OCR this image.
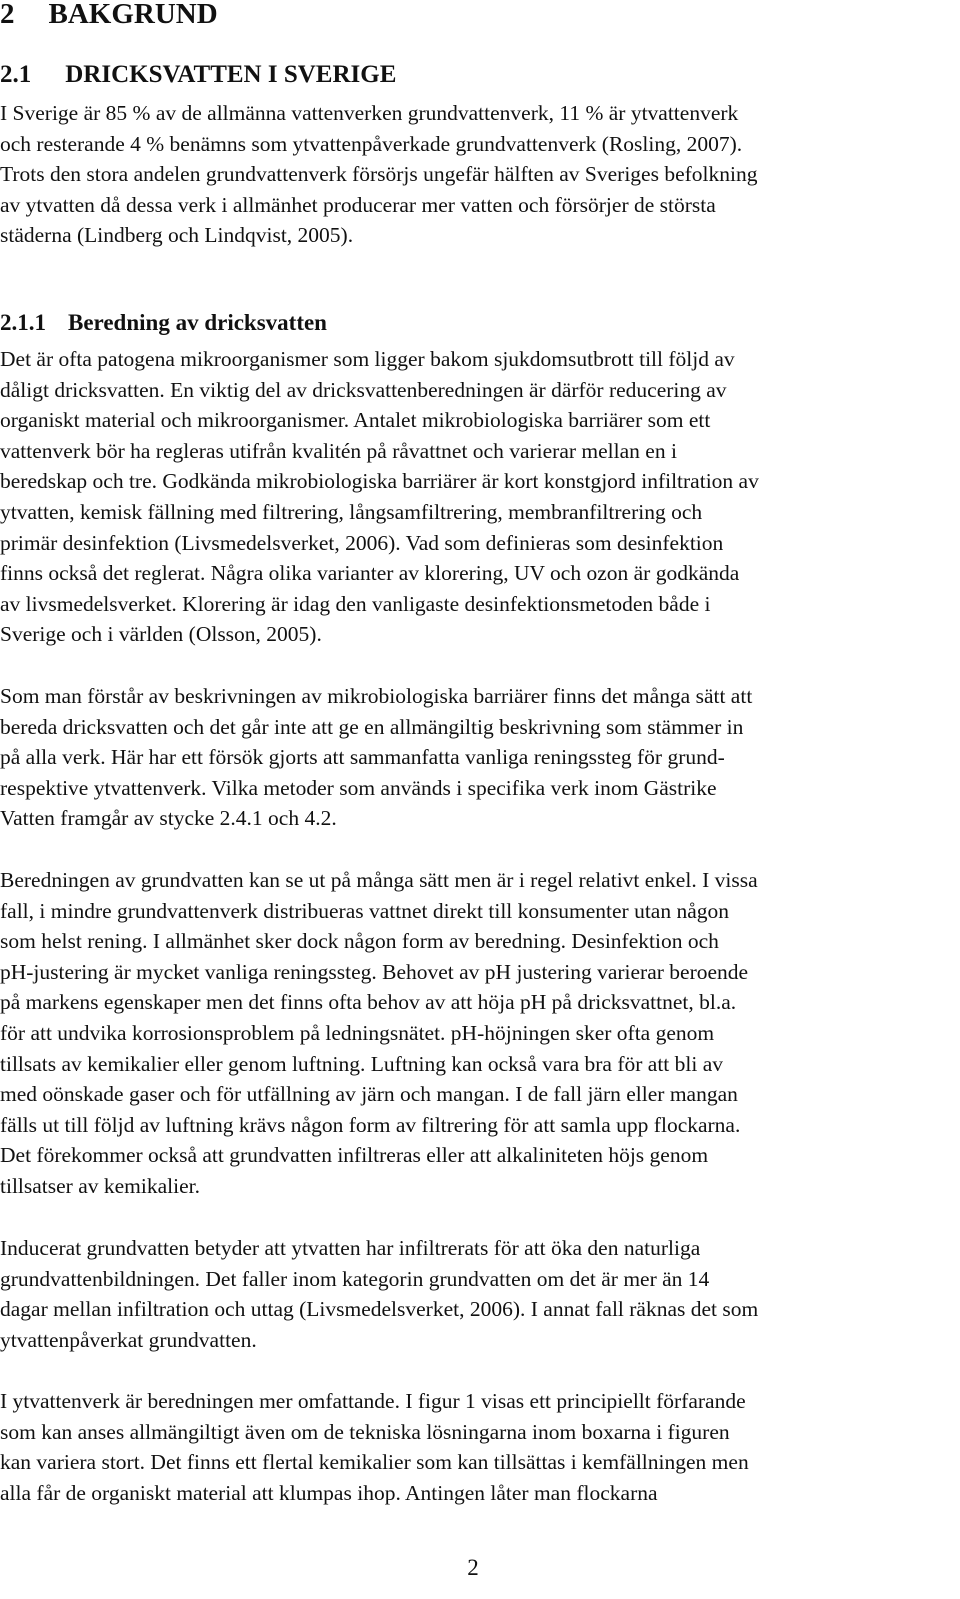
2 BAKGRUND
2.1 DRICKSVATTEN I SVERIGE
I Sverige är 85 % av de allmänna vattenverken grundvattenverk, 11 % är ytvattenverk
och resterande 4 % benämns som ytvattenpåverkade grundvattenverk (Rosling, 2007).
Trots den stora andelen grundvattenverk försörjs ungefär hälften av Sveriges befolkning
av ytvatten då dessa verk i allmänhet producerar mer vatten och försörjer de största
städerna (Lindberg och Lindqvist, 2005).
2.1.1 Beredning av dricksvatten
Det är ofta patogena mikroorganismer som ligger bakom sjukdomsutbrott till följd av
dåligt dricksvatten. En viktig del av dricksvattenberedningen är därför reducering av
organiskt material och mikroorganismer. Antalet mikrobiologiska barriärer som ett
vattenverk bör ha regleras utifrån kvalitén på råvattnet och varierar mellan en i
beredskap och tre. Godkända mikrobiologiska barriärer är kort konstgjord infiltration av
ytvatten, kemisk fällning med filtrering, långsamfiltrering, membranfiltrering och
primär desinfektion (Livsmedelsverket, 2006). Vad som definieras som desinfektion
finns också det reglerat. Några olika varianter av klorering, UV och ozon är godkända
av livsmedelsverket. Klorering är idag den vanligaste desinfektionsmetoden både i
Sverige och i världen (Olsson, 2005).
Som man förstår av beskrivningen av mikrobiologiska barriärer finns det många sätt att
bereda dricksvatten och det går inte att ge en allmängiltig beskrivning som stämmer in
på alla verk. Här har ett försök gjorts att sammanfatta vanliga reningssteg för grund-
respektive ytvattenverk. Vilka metoder som används i specifika verk inom Gästrike
Vatten framgår av stycke 2.4.1 och 4.2.
Beredningen av grundvatten kan se ut på många sätt men är i regel relativt enkel. I vissa
fall, i mindre grundvattenverk distribueras vattnet direkt till konsumenter utan någon
som helst rening. I allmänhet sker dock någon form av beredning. Desinfektion och
pH-justering är mycket vanliga reningssteg. Behovet av pH justering varierar beroende
på markens egenskaper men det finns ofta behov av att höja pH på dricksvattnet, bl.a.
för att undvika korrosionsproblem på ledningsnätet. pH-höjningen sker ofta genom
tillsats av kemikalier eller genom luftning. Luftning kan också vara bra för att bli av
med oönskade gaser och för utfällning av järn och mangan. I de fall järn eller mangan
fälls ut till följd av luftning krävs någon form av filtrering för att samla upp flockarna.
Det förekommer också att grundvatten infiltreras eller att alkaliniteten höjs genom
tillsatser av kemikalier.
Inducerat grundvatten betyder att ytvatten har infiltrerats för att öka den naturliga
grundvattenbildningen. Det faller inom kategorin grundvatten om det är mer än 14
dagar mellan infiltration och uttag (Livsmedelsverket, 2006). I annat fall räknas det som
ytvattenpåverkat grundvatten.
I ytvattenverk är beredningen mer omfattande. I figur 1 visas ett principiellt förfarande
som kan anses allmängiltigt även om de tekniska lösningarna inom boxarna i figuren
kan variera stort. Det finns ett flertal kemikalier som kan tillsättas i kemfällningen men
alla får de organiskt material att klumpas ihop. Antingen låter man flockarna
2
